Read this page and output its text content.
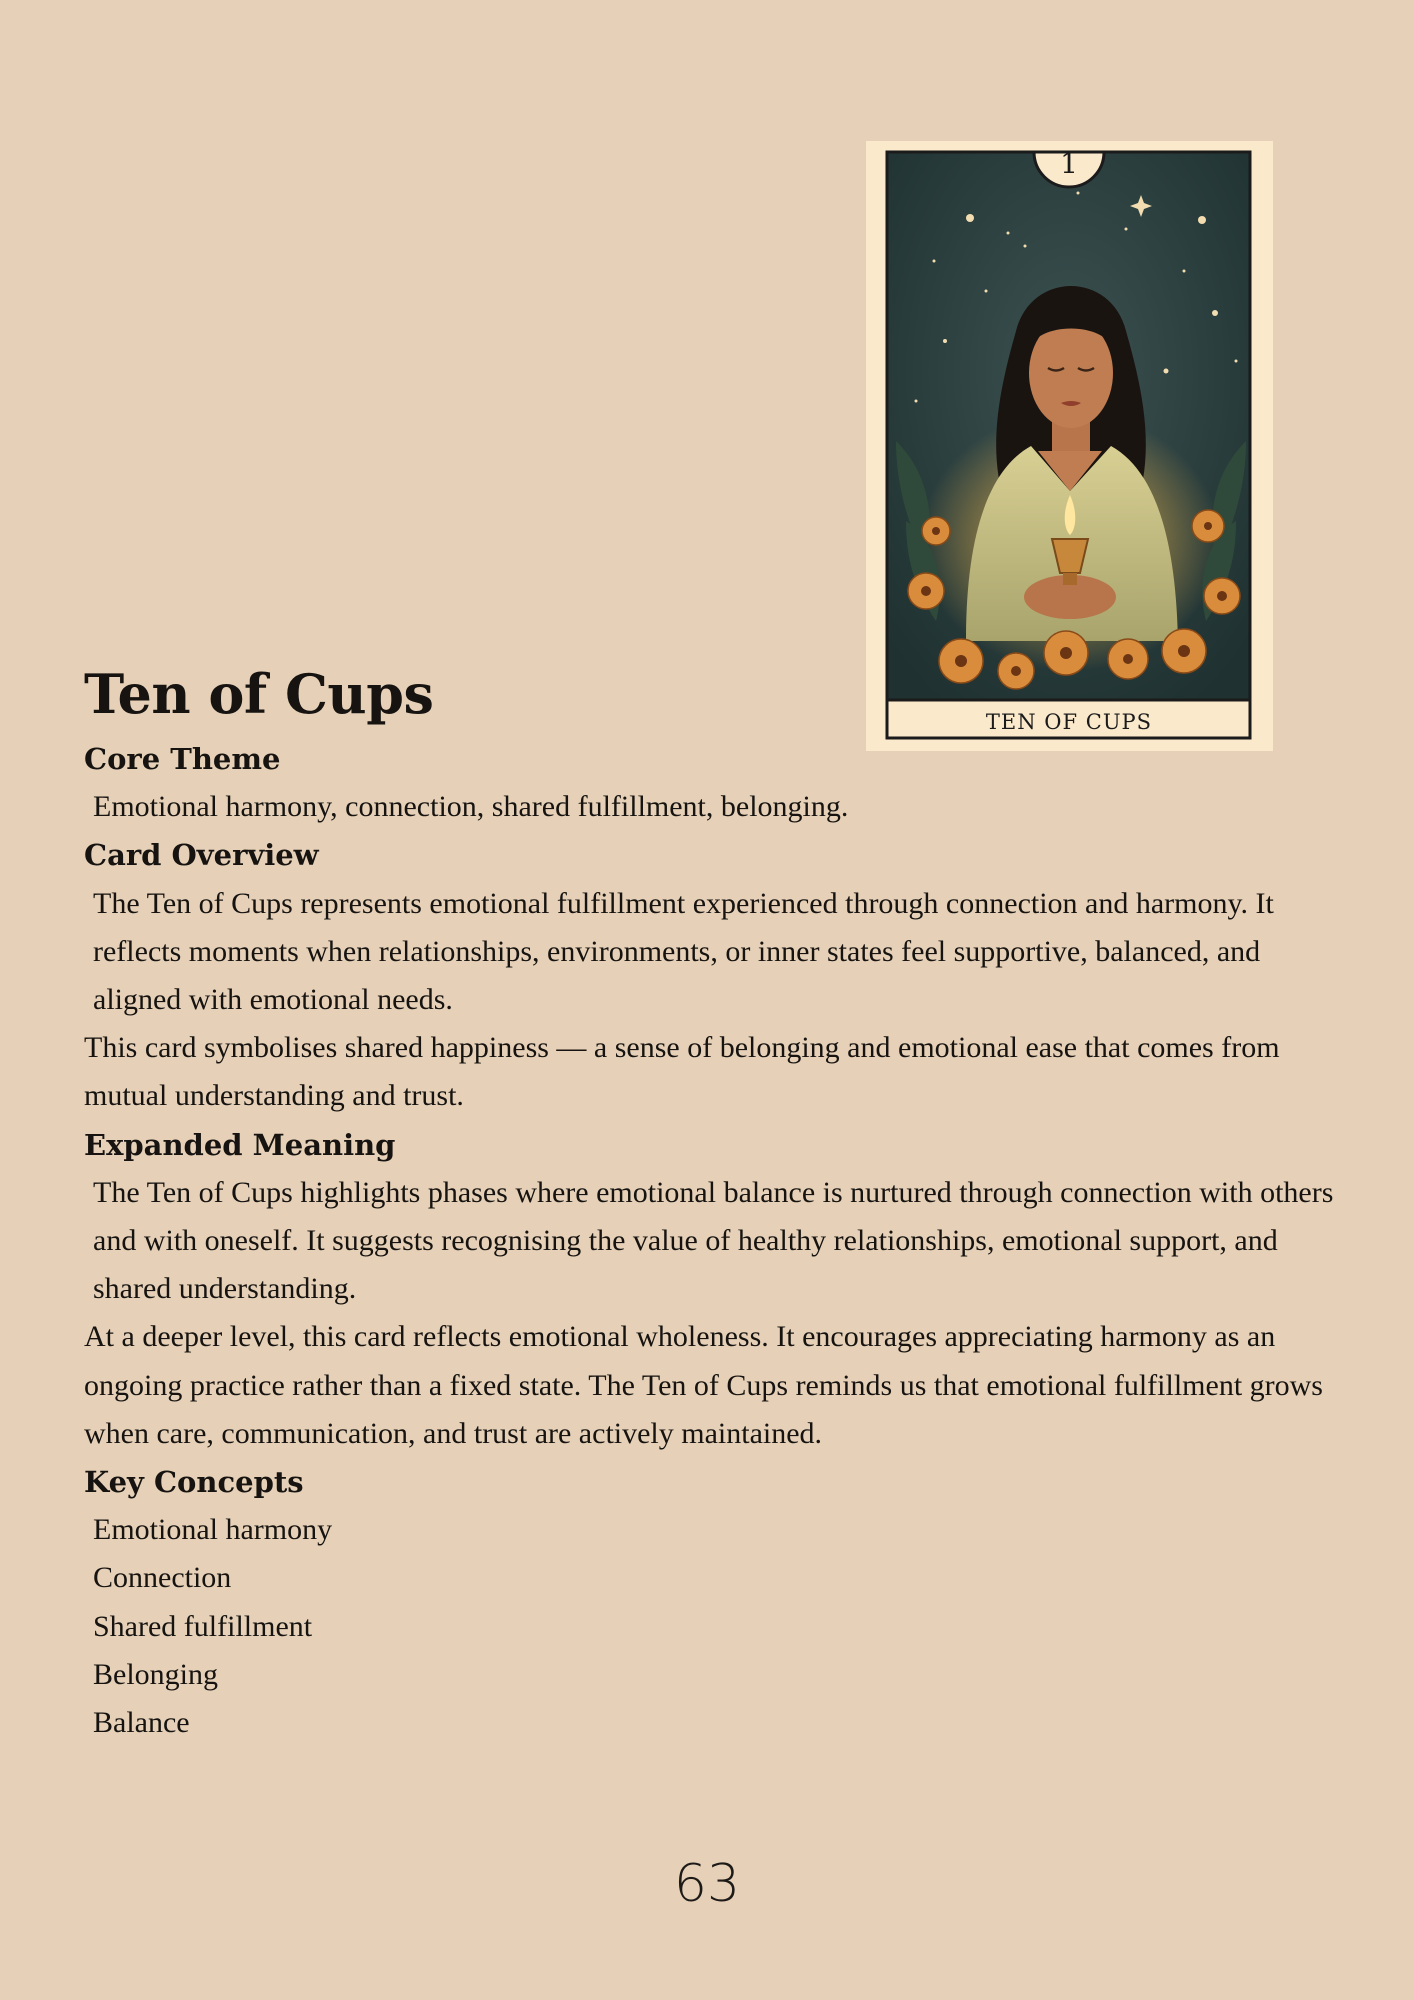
1
TEN OF CUPS
Ten of Cups

Core Theme

Emotional harmony, connection, shared fulfillment, belonging.

Card Overview

The Ten of Cups represents emotional fulfillment experienced through connection and harmony. It reflects moments when relationships, environments, or inner states feel supportive, balanced, and aligned with emotional needs.

This card symbolises shared happiness — a sense of belonging and emotional ease that comes from mutual understanding and trust.

Expanded Meaning

The Ten of Cups highlights phases where emotional balance is nurtured through connection with others and with oneself. It suggests recognising the value of healthy relationships, emotional support, and shared understanding.

At a deeper level, this card reflects emotional wholeness. It encourages appreciating harmony as an ongoing practice rather than a fixed state. The Ten of Cups reminds us that emotional fulfillment grows when care, communication, and trust are actively maintained.

Key Concepts

Emotional harmony

Connection

Shared fulfillment

Belonging

Balance

63
